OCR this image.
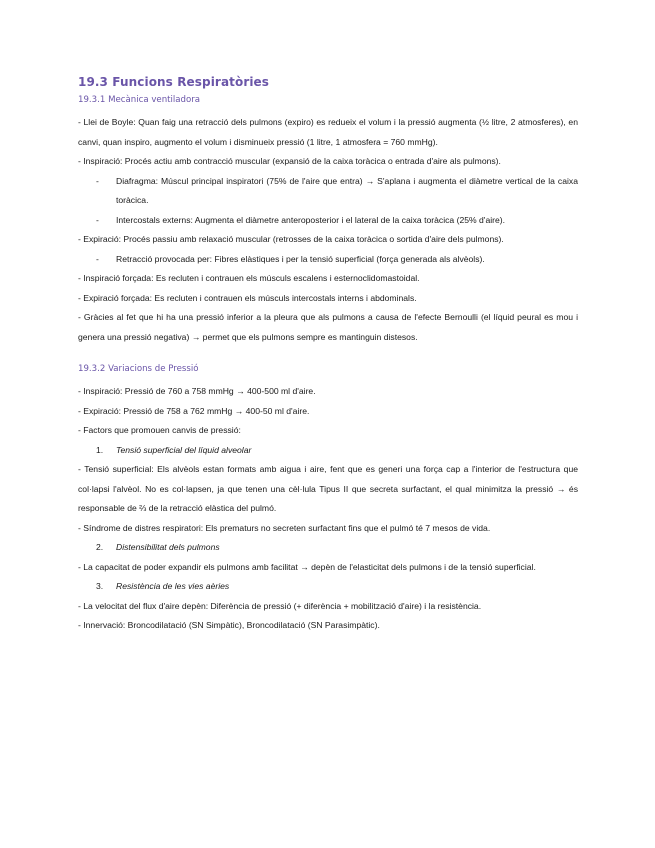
19.3 Funcions Respiratòries
19.3.1 Mecànica ventiladora

- Llei de Boyle: Quan faig una retracció dels pulmons (expiro) es redueix el volum i la pressió augmenta (½ litre, 2 atmosferes), en canvi, quan inspiro, augmento el volum i disminueix pressió (1 litre, 1 atmosfera = 760 mmHg).

- Inspiració: Procés actiu amb contracció muscular (expansió de la caixa toràcica o entrada d'aire als pulmons).

-	Diafragma: Múscul principal inspiratori (75% de l'aire que entra) → S'aplana i augmenta el diàmetre vertical de la caixa toràcica.
-	Intercostals externs: Augmenta el diàmetre anteroposterior i el lateral de la caixa toràcica (25% d'aire).

- Expiració: Procés passiu amb relaxació muscular (retrosses de la caixa toràcica o sortida d'aire dels pulmons).

-	Retracció provocada per: Fibres elàstiques i per la tensió superficial (força generada als alvèols).

- Inspiració forçada: Es recluten i contrauen els músculs escalens i esternoclidomastoidal.

- Expiració forçada: Es recluten i contrauen els músculs intercostals interns i abdominals.

- Gràcies al fet que hi ha una pressió inferior a la pleura que als pulmons a causa de l'efecte Bernoulli (el líquid peural es mou i genera una pressió negativa) → permet que els pulmons sempre es mantinguin distesos.

19.3.2 Variacions de Pressió

- Inspiració: Pressió de 760 a 758 mmHg → 400-500 ml d'aire.

- Expiració: Pressió de 758 a 762 mmHg → 400-50 ml d'aire.

- Factors que promouen canvis de pressió:

1.	Tensió superficial del líquid alveolar

- Tensió superficial: Els alvèols estan formats amb aigua i aire, fent que es generi una força cap a l'interior de l'estructura que col·lapsi l'alvèol. No es col·lapsen, ja que tenen una cèl·lula Tipus II que secreta surfactant, el qual minimitza la pressió → és responsable de ⅔ de la retracció elàstica del pulmó.

- Síndrome de distres respiratori: Els prematurs no secreten surfactant fins que el pulmó té 7 mesos de vida.

2.	Distensibilitat dels pulmons

- La capacitat de poder expandir els pulmons amb facilitat → depèn de l'elasticitat dels pulmons i de la tensió superficial.

3.	Resistència de les vies aèries

- La velocitat del flux d'aire depèn: Diferència de pressió (+ diferència + mobilització d'aire) i la resistència.

- Innervació: Broncodilatació (SN Simpàtic), Broncodilatació (SN Parasimpàtic).
